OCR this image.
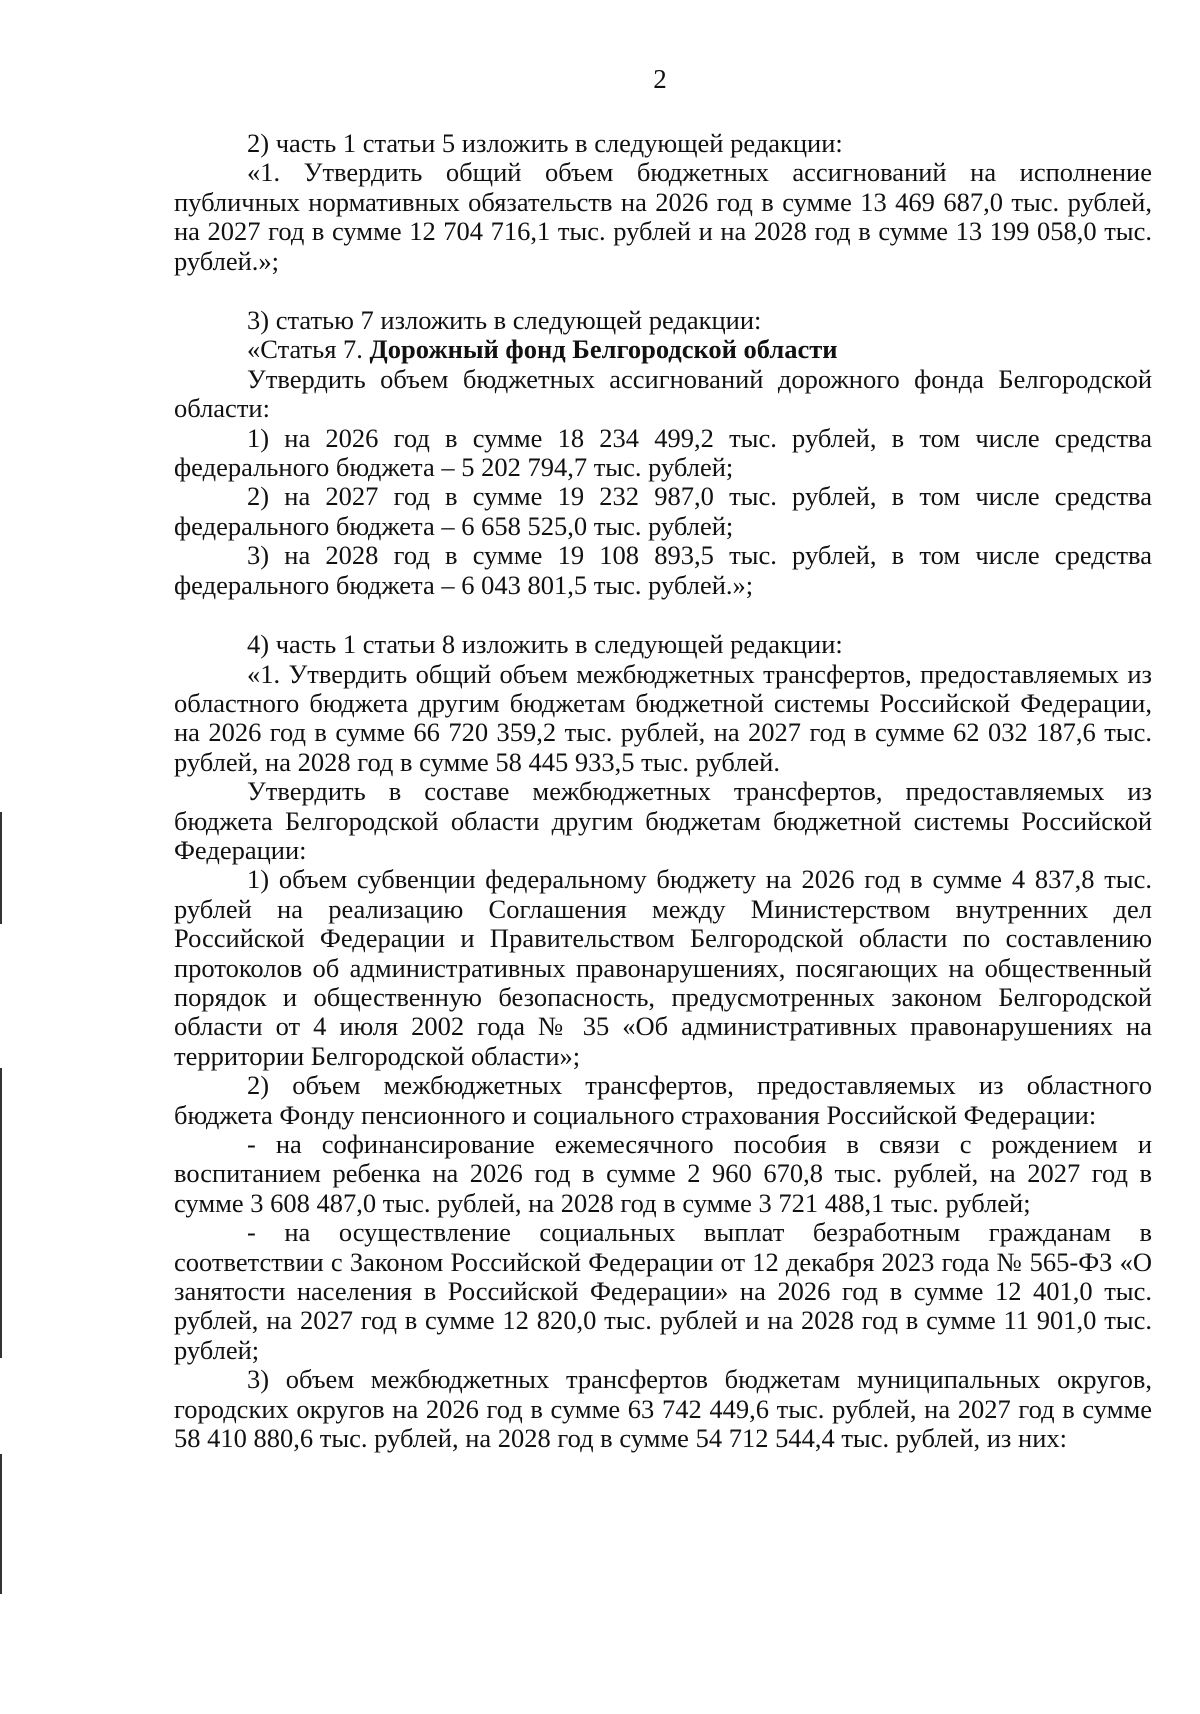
2

2) часть 1 статьи 5 изложить в следующей редакции:

«1. Утвердить общий объем бюджетных ассигнований на исполнение публичных нормативных обязательств на 2026 год в сумме 13 469 687,0 тыс. рублей, на 2027 год в сумме 12 704 716,1 тыс. рублей и на 2028 год в сумме 13 199 058,0 тыс. рублей.»;

3) статью 7 изложить в следующей редакции:

«Статья 7. Дорожный фонд Белгородской области

Утвердить объем бюджетных ассигнований дорожного фонда Белгородской области:

1) на 2026 год в сумме 18 234 499,2 тыс. рублей, в том числе средства федерального бюджета – 5 202 794,7 тыс. рублей;

2) на 2027 год в сумме 19 232 987,0 тыс. рублей, в том числе средства федерального бюджета – 6 658 525,0 тыс. рублей;

3) на 2028 год в сумме 19 108 893,5 тыс. рублей, в том числе средства федерального бюджета – 6 043 801,5 тыс. рублей.»;

4) часть 1 статьи 8 изложить в следующей редакции:

«1. Утвердить общий объем межбюджетных трансфертов, предоставляемых из областного бюджета другим бюджетам бюджетной системы Российской Федерации, на 2026 год в сумме 66 720 359,2 тыс. рублей, на 2027 год в сумме 62 032 187,6 тыс. рублей, на 2028 год в сумме 58 445 933,5 тыс. рублей.

Утвердить в составе межбюджетных трансфертов, предоставляемых из бюджета Белгородской области другим бюджетам бюджетной системы Российской Федерации:

1) объем субвенции федеральному бюджету на 2026 год в сумме 4 837,8 тыс. рублей на реализацию Соглашения между Министерством внутренних дел Российской Федерации и Правительством Белгородской области по составлению протоколов об административных правонарушениях, посягающих на общественный порядок и общественную безопасность, предусмотренных законом Белгородской области от 4 июля 2002 года № 35 «Об административных правонарушениях на территории Белгородской области»;

2) объем межбюджетных трансфертов, предоставляемых из областного бюджета Фонду пенсионного и социального страхования Российской Федерации:

- на софинансирование ежемесячного пособия в связи с рождением и воспитанием ребенка на 2026 год в сумме 2 960 670,8 тыс. рублей, на 2027 год в сумме 3 608 487,0 тыс. рублей, на 2028 год в сумме 3 721 488,1 тыс. рублей;

- на осуществление социальных выплат безработным гражданам в соответствии с Законом Российской Федерации от 12 декабря 2023 года № 565-ФЗ «О занятости населения в Российской Федерации» на 2026 год в сумме 12 401,0 тыс. рублей, на 2027 год в сумме 12 820,0 тыс. рублей и на 2028 год в сумме 11 901,0 тыс. рублей;

3) объем межбюджетных трансфертов бюджетам муниципальных округов, городских округов на 2026 год в сумме 63 742 449,6 тыс. рублей, на 2027 год в сумме 58 410 880,6 тыс. рублей, на 2028 год в сумме 54 712 544,4 тыс. рублей, из них:
